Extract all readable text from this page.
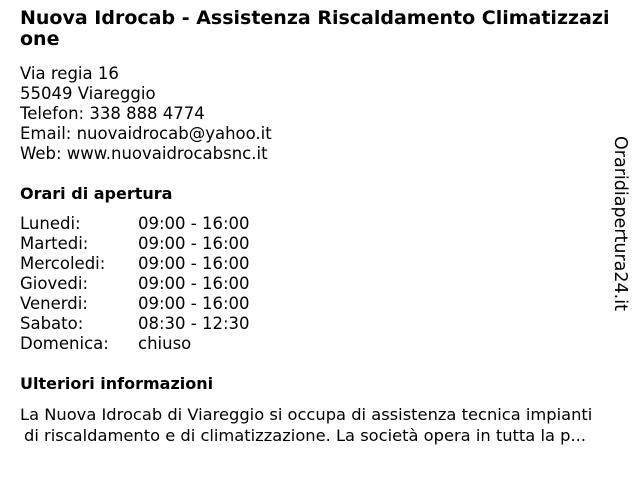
Nuova Idrocab - Assistenza Riscaldamento Climatizzazione
Via regia 16
55049 Viareggio
Telefon: 338 888 4774
Email: nuovaidrocab@yahoo.it
Web: www.nuovaidrocabsnc.it
Orari di apertura
Lunedi:	09:00 - 16:00
Martedi:	09:00 - 16:00
Mercoledi: 09:00 - 16:00
Giovedi:	09:00 - 16:00
Venerdi:	09:00 - 16:00
Sabato:	08:30 - 12:30
Domenica: chiuso
Ulteriori informazioni

La Nuova Idrocab di Viareggio si occupa di assistenza tecnica impianti
di riscaldamento e di climatizzazione. La società opera in tutta la p...

Oraridiapertura24.it
